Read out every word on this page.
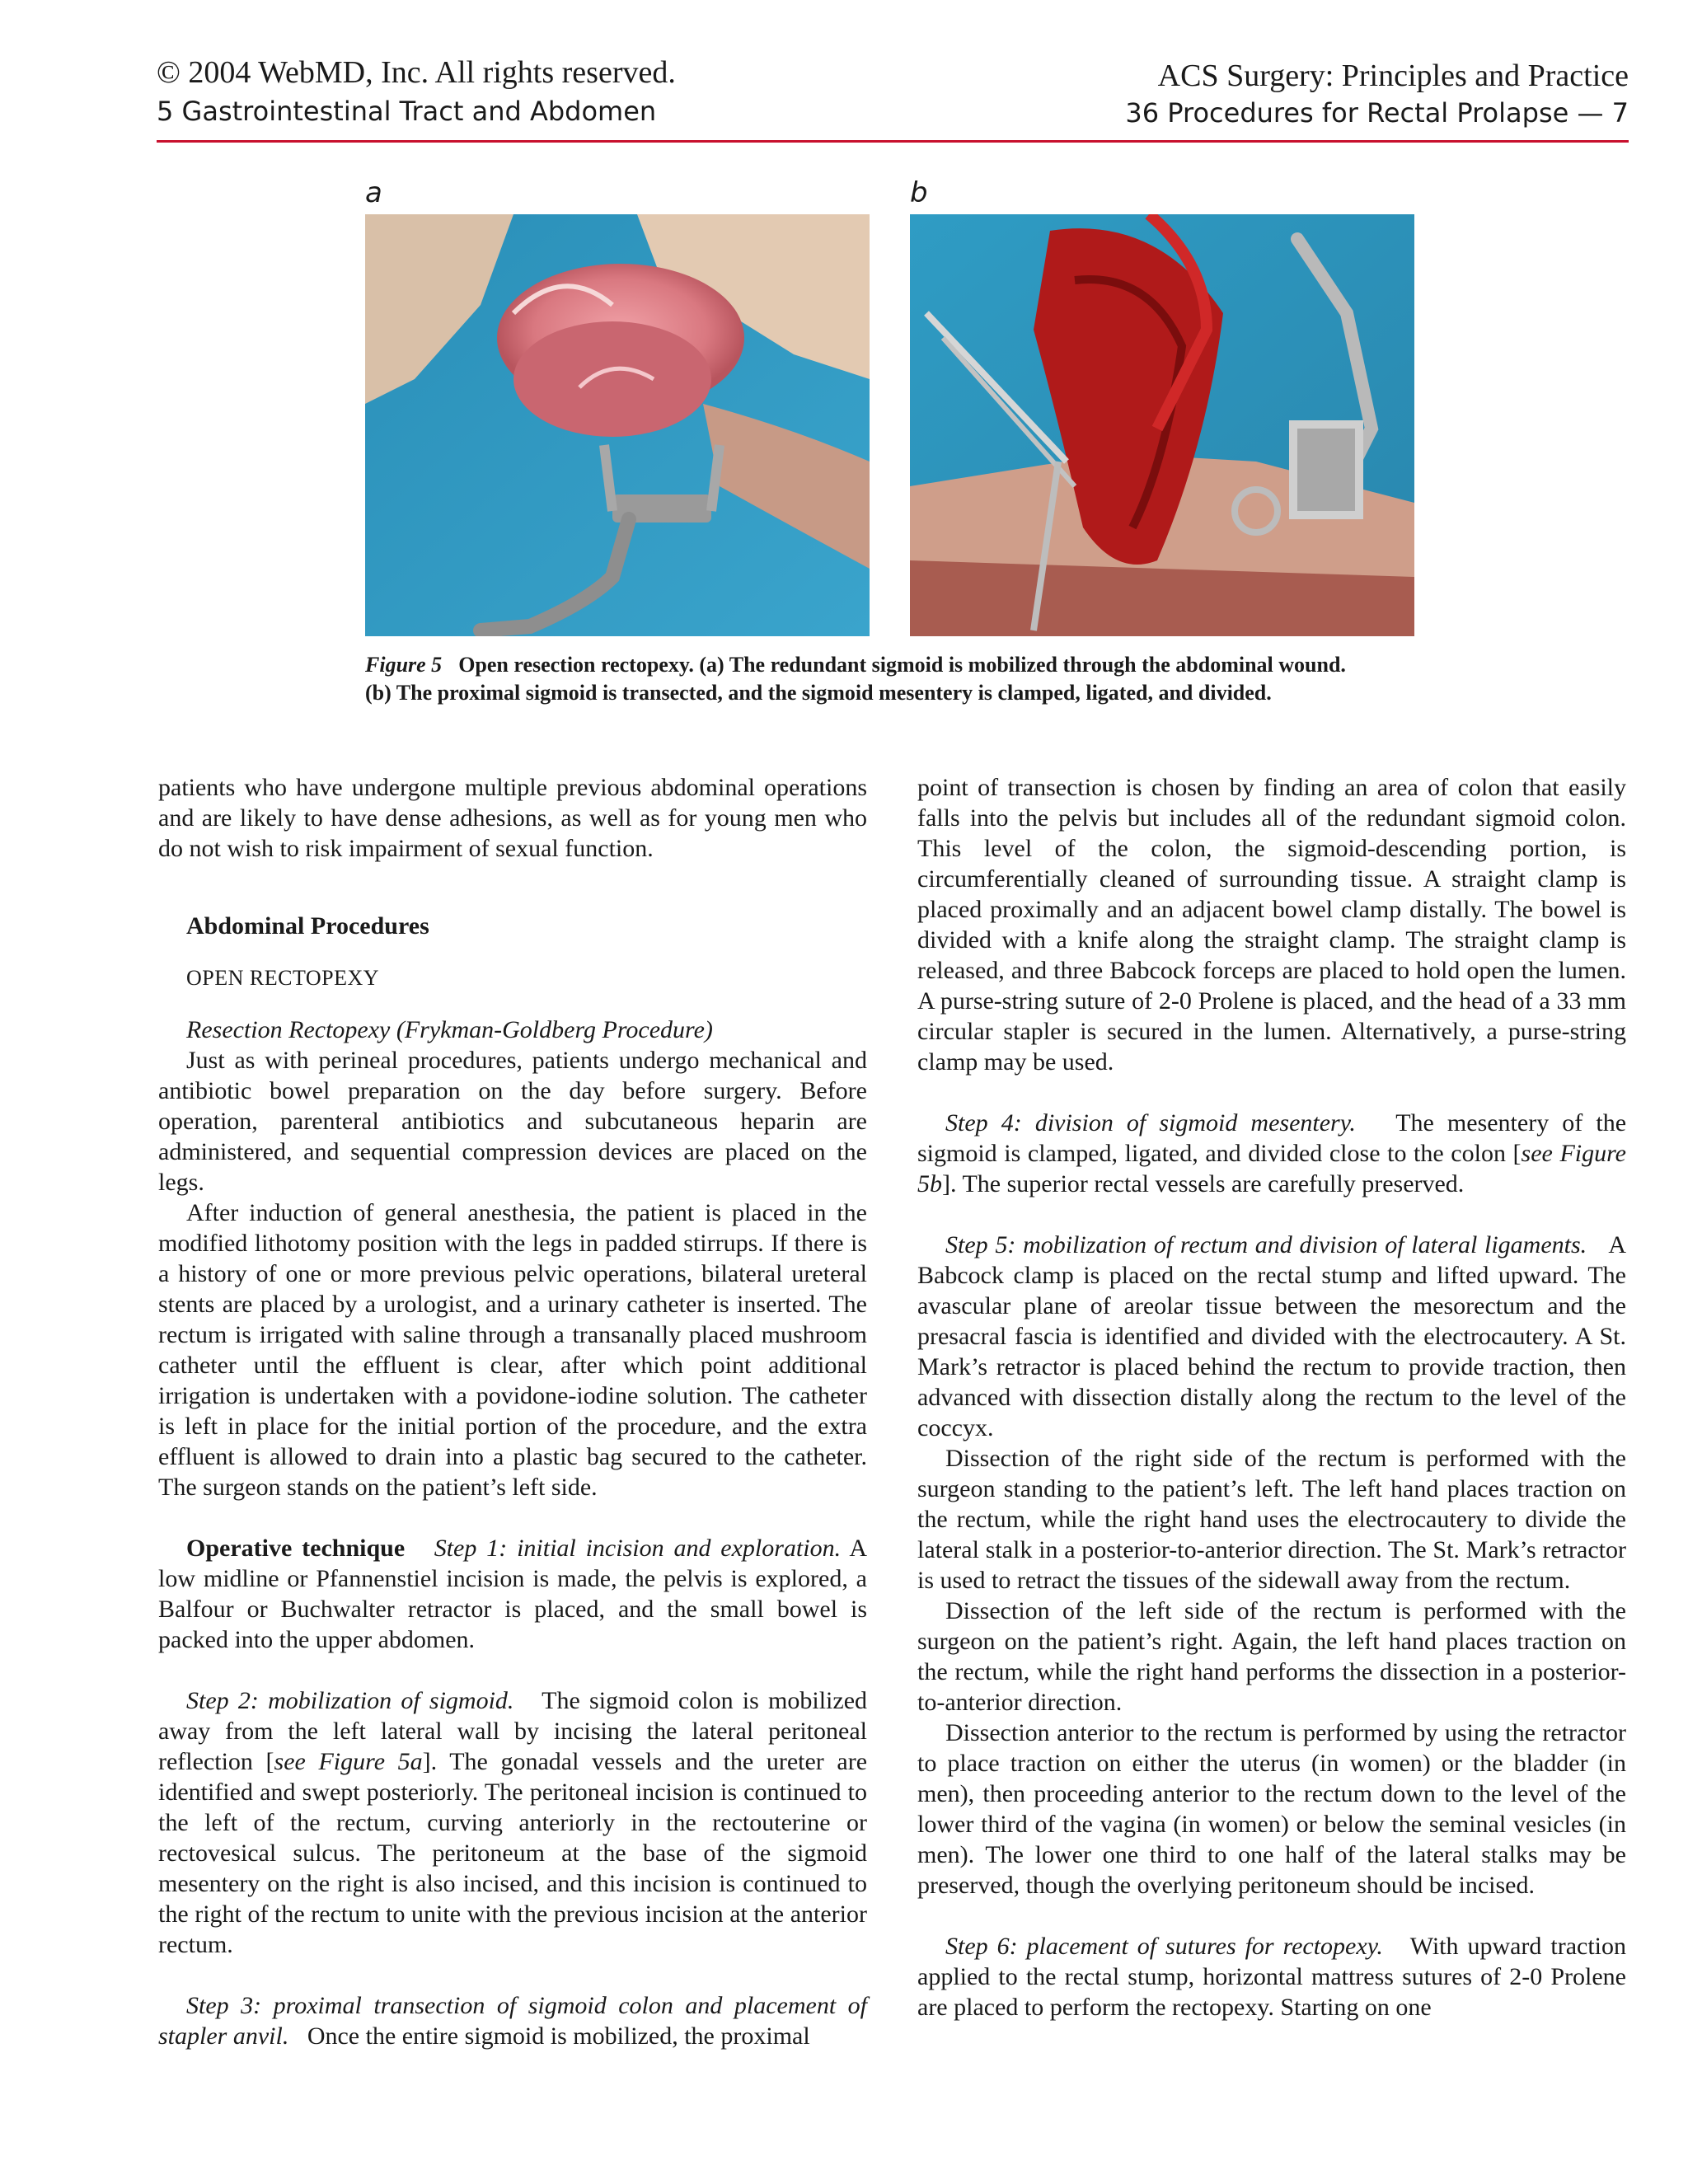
© 2004 WebMD, Inc. All rights reserved.
5 Gastrointestinal Tract and Abdomen
ACS Surgery: Principles and Practice
36 Procedures for Rectal Prolapse — 7
a	b
Figure 5 Open resection rectopexy. (a) The redundant sigmoid is mobilized through the abdominal wound. (b) The proximal sigmoid is transected, and the sigmoid mesentery is clamped, ligated, and divided.

patients who have undergone multiple previous abdominal operations and are likely to have dense adhesions, as well as for young men who do not wish to risk impairment of sexual function.

Abdominal Procedures

OPEN RECTOPEXY

Resection Rectopexy (Frykman-Goldberg Procedure)

Just as with perineal procedures, patients undergo mechanical and antibiotic bowel preparation on the day before surgery. Before operation, parenteral antibiotics and subcutaneous heparin are administered, and sequential compression devices are placed on the legs.

After induction of general anesthesia, the patient is placed in the modified lithotomy position with the legs in padded stirrups. If there is a history of one or more previous pelvic operations, bilateral ureteral stents are placed by a urologist, and a urinary catheter is inserted. The rectum is irrigated with saline through a transanally placed mushroom catheter until the effluent is clear, after which point additional irrigation is undertaken with a povidone-iodine solution. The catheter is left in place for the initial portion of the procedure, and the extra effluent is allowed to drain into a plastic bag secured to the catheter. The surgeon stands on the patient’s left side.

Operative technique Step 1: initial incision and exploration. A low midline or Pfannenstiel incision is made, the pelvis is explored, a Balfour or Buchwalter retractor is placed, and the small bowel is packed into the upper abdomen.

Step 2: mobilization of sigmoid. The sigmoid colon is mobilized away from the left lateral wall by incising the lateral peritoneal reflection [see Figure 5a]. The gonadal vessels and the ureter are identified and swept posteriorly. The peritoneal incision is continued to the left of the rectum, curving anteriorly in the rectouterine or rectovesical sulcus. The peritoneum at the base of the sigmoid mesentery on the right is also incised, and this incision is continued to the right of the rectum to unite with the previous incision at the anterior rectum.

Step 3: proximal transection of sigmoid colon and placement of stapler anvil. Once the entire sigmoid is mobilized, the proximal

point of transection is chosen by finding an area of colon that easily falls into the pelvis but includes all of the redundant sigmoid colon. This level of the colon, the sigmoid-descending portion, is circumferentially cleaned of surrounding tissue. A straight clamp is placed proximally and an adjacent bowel clamp distally. The bowel is divided with a knife along the straight clamp. The straight clamp is released, and three Babcock forceps are placed to hold open the lumen. A purse-string suture of 2-0 Prolene is placed, and the head of a 33 mm circular stapler is secured in the lumen. Alternatively, a purse-string clamp may be used.

Step 4: division of sigmoid mesentery. The mesentery of the sigmoid is clamped, ligated, and divided close to the colon [see Figure 5b]. The superior rectal vessels are carefully preserved.

Step 5: mobilization of rectum and division of lateral ligaments. A Babcock clamp is placed on the rectal stump and lifted upward. The avascular plane of areolar tissue between the mesorectum and the presacral fascia is identified and divided with the electrocautery. A St. Mark’s retractor is placed behind the rectum to provide traction, then advanced with dissection distally along the rectum to the level of the coccyx.

Dissection of the right side of the rectum is performed with the surgeon standing to the patient’s left. The left hand places traction on the rectum, while the right hand uses the electrocautery to divide the lateral stalk in a posterior-to-anterior direction. The St. Mark’s retractor is used to retract the tissues of the sidewall away from the rectum.

Dissection of the left side of the rectum is performed with the surgeon on the patient’s right. Again, the left hand places traction on the rectum, while the right hand performs the dissection in a posterior-to-anterior direction.

Dissection anterior to the rectum is performed by using the retractor to place traction on either the uterus (in women) or the bladder (in men), then proceeding anterior to the rectum down to the level of the lower third of the vagina (in women) or below the seminal vesicles (in men). The lower one third to one half of the lateral stalks may be preserved, though the overlying peritoneum should be incised.

Step 6: placement of sutures for rectopexy. With upward traction applied to the rectal stump, horizontal mattress sutures of 2-0 Prolene are placed to perform the rectopexy. Starting on one
